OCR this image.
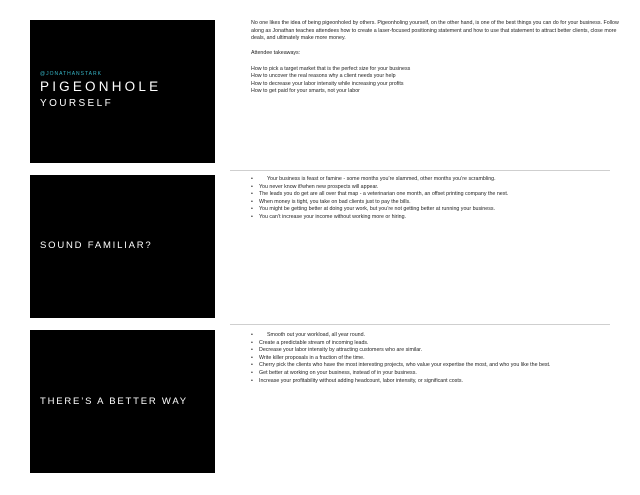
@JONATHANSTARK
PIGEONHOLE
YOURSELF

No one likes the idea of being pigeonholed by others. Pigeonholing yourself, on the other hand, is one of the best things you can do for your business. Follow along as Jonathan teaches attendees how to create a laser-focused positioning statement and how to use that statement to attract better clients, close more deals, and ultimately make more money.

Attendee takeaways:

How to pick a target market that is the perfect size for your business
How to uncover the real reasons why a client needs your help
How to decrease your labor intensity while increasing your profits
How to get paid for your smarts, not your labor
SOUND FAMILIAR?
• Your business is feast or famine - some months you’re slammed, other months you’re scrambling.
• You never know if/when new prospects will appear.
• The leads you do get are all over that map - a veterinarian one month, an offset printing company the next.
• When money is tight, you take on bad clients just to pay the bills.
• You might be getting better at doing your work, but you’re not getting better at running your business.
• You can’t increase your income without working more or hiring.
THERE’S A BETTER WAY
• Smooth out your workload, all year round.
• Create a predictable stream of incoming leads.
• Decrease your labor intensity by attracting customers who are similar.
• Write killer proposals in a fraction of the time.
• Cherry pick the clients who have the most interesting projects, who value your expertise the most, and who you like the best.
• Get better at working on your business, instead of in your business.
• Increase your profitability without adding headcount, labor intensity, or significant costs.
